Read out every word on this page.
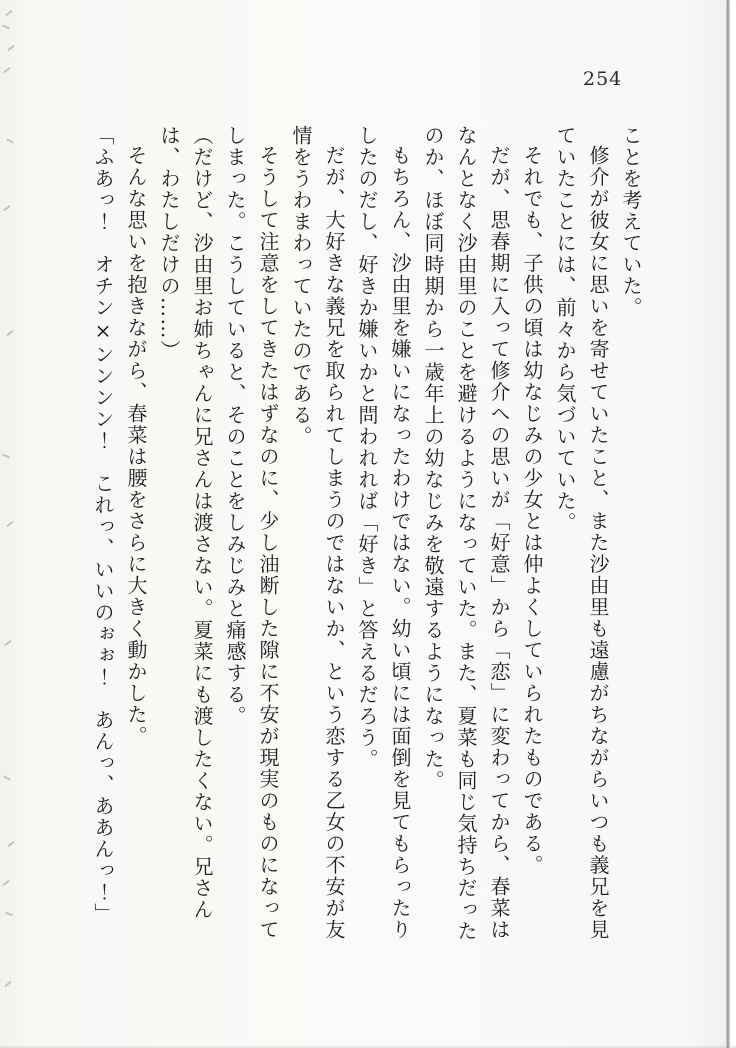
254

ことを考えていた。

修介が彼女に思いを寄せていたこと、また沙由里も遠慮がちながらいつも義兄を見ていたことには、前々から気づいていた。

それでも、子供の頃は幼なじみの少女とは仲よくしていられたものである。

だが、思春期に入って修介への思いが「好意」から「恋」に変わってから、春菜はなんとなく沙由里のことを避けるようになっていた。また、夏菜も同じ気持ちだったのか、ほぼ同時期から一歳年上の幼なじみを敬遠するようになった。

もちろん、沙由里を嫌いになったわけではない。幼い頃には面倒を見てもらったりしたのだし、好きか嫌いかと問われれば「好き」と答えるだろう。

だが、大好きな義兄を取られてしまうのではないか、という恋する乙女の不安が友情をうわまわっていたのである。

そうして注意をしてきたはずなのに、少し油断した隙に不安が現実のものになってしまった。こうしていると、そのことをしみじみと痛感する。

（だけど、沙由里お姉ちゃんに兄さんは渡さない。夏菜にも渡したくない。兄さんは、わたしだけの……）

そんな思いを抱きながら、春菜は腰をさらに大きく動かした。

「ふあっ！　オチン×ンンンン！　これっ、いいのぉぉ！　あんっ、ああんっ！」
